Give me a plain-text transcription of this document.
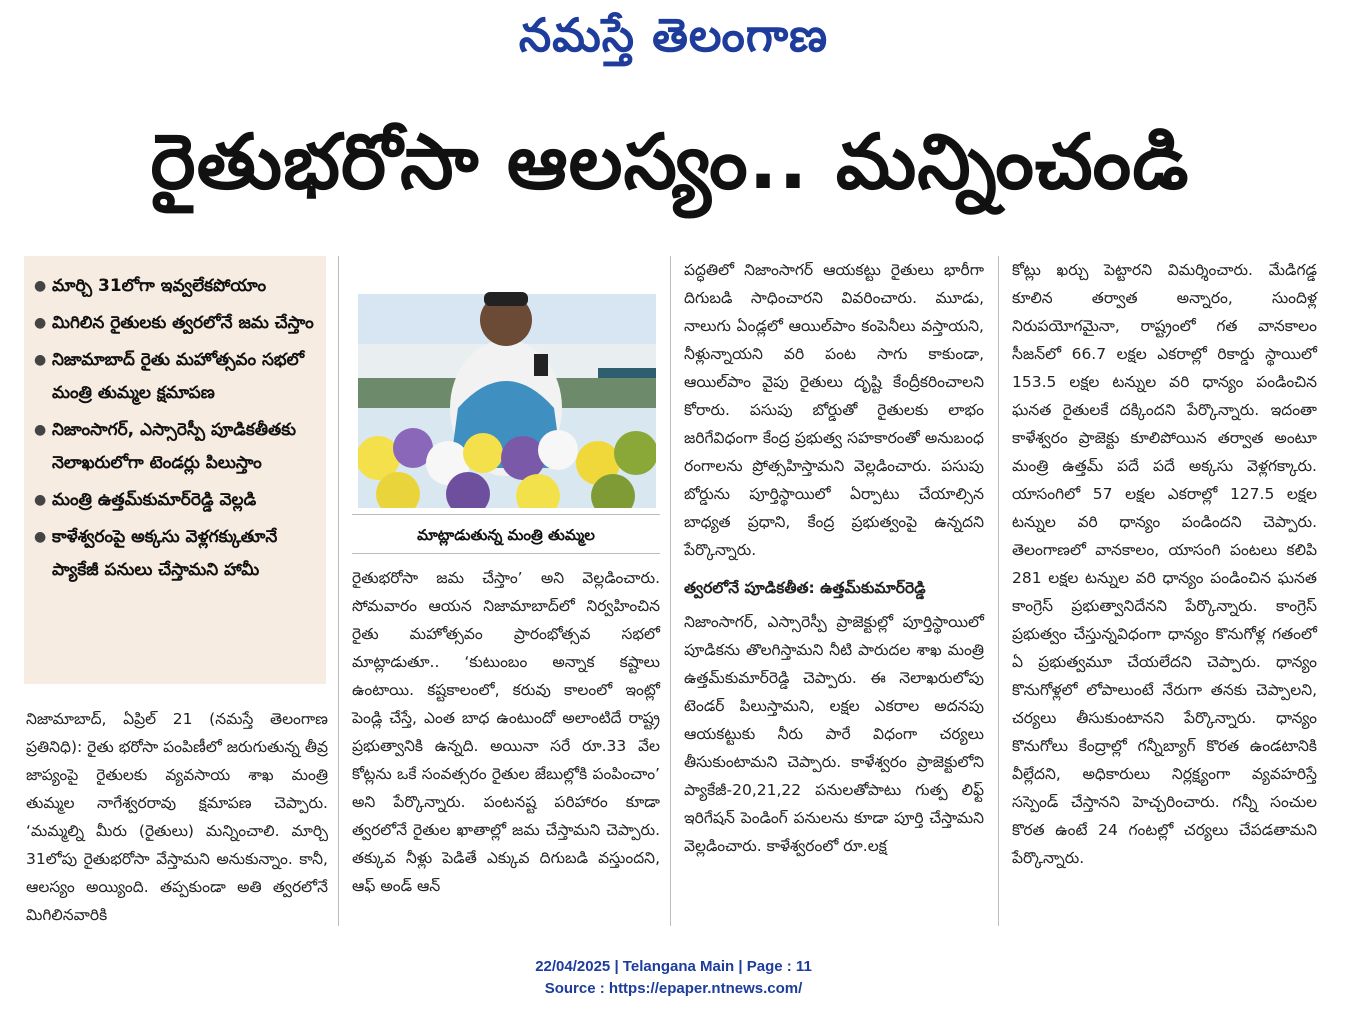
నమస్తే తెలంగాణ
రైతుభరోసా ఆలస్యం.. మన్నించండి
● మార్చి 31లోగా ఇవ్వలేకపోయాం
● మిగిలిన రైతులకు త్వరలోనే జమ చేస్తాం
● నిజామాబాద్ రైతు మహోత్సవం సభలో మంత్రి తుమ్మల క్షమాపణ
● నిజాంసాగర్, ఎస్సారెస్పీ పూడికతీతకు నెలాఖరులోగా టెండర్లు పిలుస్తాం
● మంత్రి ఉత్తమ్‌కుమార్‌రెడ్డి వెల్లడి
● కాళేశ్వరంపై అక్కసు వెళ్లగక్కుతూనే ప్యాకేజీ పనులు చేస్తామని హామీ
మాట్లాడుతున్న మంత్రి తుమ్మల

నిజామాబాద్, ఏప్రిల్ 21 (నమస్తే తెలంగాణ ప్రతినిధి): రైతు భరోసా పంపిణీలో జరుగుతున్న తీవ్ర జాప్యంపై రైతులకు వ్యవసాయ శాఖ మంత్రి తుమ్మల నాగేశ్వరరావు క్షమాపణ చెప్పారు. ‘మమ్మల్ని మీరు (రైతులు) మన్నించాలి. మార్చి 31లోపు రైతుభరోసా వేస్తామని అనుకున్నాం. కానీ, ఆలస్యం అయ్యింది. తప్పకుండా అతి త్వరలోనే మిగిలినవారికి

రైతుభరోసా జమ చేస్తాం’ అని వెల్లడించారు. సోమవారం ఆయన నిజామాబాద్‌లో నిర్వహించిన రైతు మహోత్సవం ప్రారంభోత్సవ సభలో మాట్లాడుతూ.. ‘కుటుంబం అన్నాక కష్టాలు ఉంటాయి. కష్టకాలంలో, కరువు కాలంలో ఇంట్లో పెండ్లి చేస్తే, ఎంత బాధ ఉంటుందో అలాంటిదే రాష్ట్ర ప్రభుత్వానికి ఉన్నది. అయినా సరే రూ.33 వేల కోట్లను ఒకే సంవత్సరం రైతుల జేబుల్లోకి పంపించాం’ అని పేర్కొన్నారు. పంటనష్ట పరిహారం కూడా త్వరలోనే రైతుల ఖాతాల్లో జమ చేస్తామని చెప్పారు. తక్కువ నీళ్లు పెడితే ఎక్కువ దిగుబడి వస్తుందని, ఆఫ్ అండ్ ఆన్

పద్ధతిలో నిజాంసాగర్ ఆయకట్టు రైతులు భారీగా దిగుబడి సాధించారని వివరించారు. మూడు, నాలుగు ఏండ్లలో ఆయిల్‌పాం కంపెనీలు వస్తాయని, నీళ్లున్నాయని వరి పంట సాగు కాకుండా, ఆయిల్‌పాం వైపు రైతులు దృష్టి కేంద్రీకరించాలని కోరారు. పసుపు బోర్డుతో రైతులకు లాభం జరిగేవిధంగా కేంద్ర ప్రభుత్వ సహకారంతో అనుబంధ రంగాలను ప్రోత్సహిస్తామని వెల్లడించారు. పసుపు బోర్డును పూర్తిస్థాయిలో ఏర్పాటు చేయాల్సిన బాధ్యత ప్రధాని, కేంద్ర ప్రభుత్వంపై ఉన్నదని పేర్కొన్నారు.

త్వరలోనే పూడికతీత: ఉత్తమ్‌కుమార్‌రెడ్డి

నిజాంసాగర్, ఎస్సారెస్పీ ప్రాజెక్టుల్లో పూర్తిస్థాయిలో పూడికను తొలగిస్తామని నీటి పారుదల శాఖ మంత్రి ఉత్తమ్‌కుమార్‌రెడ్డి చెప్పారు. ఈ నెలాఖరులోపు టెండర్ పిలుస్తామని, లక్షల ఎకరాల అదనపు ఆయకట్టుకు నీరు పారే విధంగా చర్యలు తీసుకుంటామని చెప్పారు. కాళేశ్వరం ప్రాజెక్టులోని ప్యాకేజీ-20,21,22 పనులతోపాటు గుత్ప లిఫ్ట్ ఇరిగేషన్ పెండింగ్ పనులను కూడా పూర్తి చేస్తామని వెల్లడించారు. కాళేశ్వరంలో రూ.లక్ష

కోట్లు ఖర్చు పెట్టారని విమర్శించారు. మేడిగడ్డ కూలిన తర్వాత అన్నారం, సుందిళ్ల నిరుపయోగమైనా, రాష్ట్రంలో గత వానకాలం సీజన్‌లో 66.7 లక్షల ఎకరాల్లో రికార్డు స్థాయిలో 153.5 లక్షల టన్నుల వరి ధాన్యం పండించిన ఘనత రైతులకే దక్కిందని పేర్కొన్నారు. ఇదంతా కాళేశ్వరం ప్రాజెక్టు కూలిపోయిన తర్వాత అంటూ మంత్రి ఉత్తమ్ పదే పదే అక్కసు వెళ్లగక్కారు. యాసంగిలో 57 లక్షల ఎకరాల్లో 127.5 లక్షల టన్నుల వరి ధాన్యం పండిందని చెప్పారు. తెలంగాణలో వానకాలం, యాసంగి పంటలు కలిపి 281 లక్షల టన్నుల వరి ధాన్యం పండించిన ఘనత కాంగ్రెస్ ప్రభుత్వానిదేనని పేర్కొన్నారు. కాంగ్రెస్ ప్రభుత్వం చేస్తున్నవిధంగా ధాన్యం కొనుగోళ్ల గతంలో ఏ ప్రభుత్వమూ చేయలేదని చెప్పారు. ధాన్యం కొనుగోళ్లలో లోపాలుంటే నేరుగా తనకు చెప్పాలని, చర్యలు తీసుకుంటానని పేర్కొన్నారు. ధాన్యం కొనుగోలు కేంద్రాల్లో గన్నీబ్యాగ్ కొరత ఉండటానికి వీల్లేదని, అధికారులు నిర్లక్ష్యంగా వ్యవహరిస్తే సస్పెండ్ చేస్తానని హెచ్చరించారు. గన్నీ సంచుల కొరత ఉంటే 24 గంటల్లో చర్యలు చేపడతామని పేర్కొన్నారు.

22/04/2025 | Telangana Main | Page : 11
Source : https://epaper.ntnews.com/
